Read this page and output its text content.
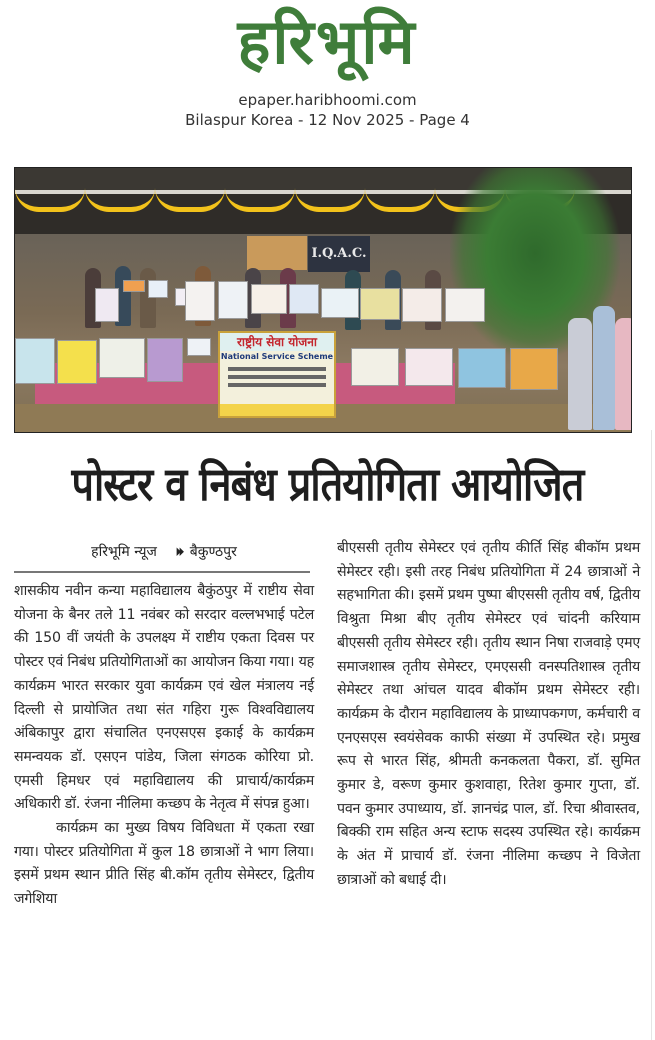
हरिभूमि
epaper.haribhoomi.com
Bilaspur Korea - 12 Nov 2025 - Page 4
I.Q.A.C.
राष्ट्रीय सेवा योजना
National Service Scheme
पोस्टर व निबंध प्रतियोगिता आयोजित
हरिभूमि न्यूज ⏵⏵ बैकुण्ठपुर

शासकीय नवीन कन्या महाविद्यालय बैकुंठपुर में राष्टीय सेवा योजना के बैनर तले 11 नवंबर को सरदार वल्लभभाई पटेल की 150 वीं जयंती के उपलक्ष्य में राष्टीय एकता दिवस पर पोस्टर एवं निबंध प्रतियोगिताओं का आयोजन किया गया। यह कार्यक्रम भारत सरकार युवा कार्यक्रम एवं खेल मंत्रालय नई दिल्ली से प्रायोजित तथा संत गहिरा गुरू विश्वविद्यालय अंबिकापुर द्वारा संचालित एनएसएस इकाई के कार्यक्रम समन्वयक डॉ. एसएन पांडेय, जिला संगठक कोरिया प्रो. एमसी हिमधर एवं महाविद्यालय की प्राचार्य/कार्यक्रम अधिकारी डॉ. रंजना नीलिमा कच्छप के नेतृत्व में संपन्न हुआ।

कार्यक्रम का मुख्य विषय विविधता में एकता रखा गया। पोस्टर प्रतियोगिता में कुल 18 छात्राओं ने भाग लिया। इसमें प्रथम स्थान प्रीति सिंह बी.कॉम तृतीय सेमेस्टर, द्वितीय जगेशिया

बीएससी तृतीय सेमेस्टर एवं तृतीय कीर्ति सिंह बीकॉम प्रथम सेमेस्टर रही। इसी तरह निबंध प्रतियोगिता में 24 छात्राओं ने सहभागिता की। इसमें प्रथम पुष्पा बीएससी तृतीय वर्ष, द्वितीय विश्रुता मिश्रा बीए तृतीय सेमेस्टर एवं चांदनी करियाम बीएससी तृतीय सेमेस्टर रही। तृतीय स्थान निषा राजवाड़े एमए समाजशास्त्र तृतीय सेमेस्टर, एमएससी वनस्पतिशास्त्र तृतीय सेमेस्टर तथा आंचल यादव बीकॉम प्रथम सेमेस्टर रही। कार्यक्रम के दौरान महाविद्यालय के प्राध्यापकगण, कर्मचारी व एनएसएस स्वयंसेवक काफी संख्या में उपस्थित रहे। प्रमुख रूप से भारत सिंह, श्रीमती कनकलता पैकरा, डॉ. सुमित कुमार डे, वरूण कुमार कुशवाहा, रितेश कुमार गुप्ता, डॉ. पवन कुमार उपाध्याय, डॉ. ज्ञानचंद्र पाल, डॉ. रिचा श्रीवास्तव, बिक्की राम सहित अन्य स्टाफ सदस्य उपस्थित रहे। कार्यक्रम के अंत में प्राचार्य डॉ. रंजना नीलिमा कच्छप ने विजेता छात्राओं को बधाई दी।
